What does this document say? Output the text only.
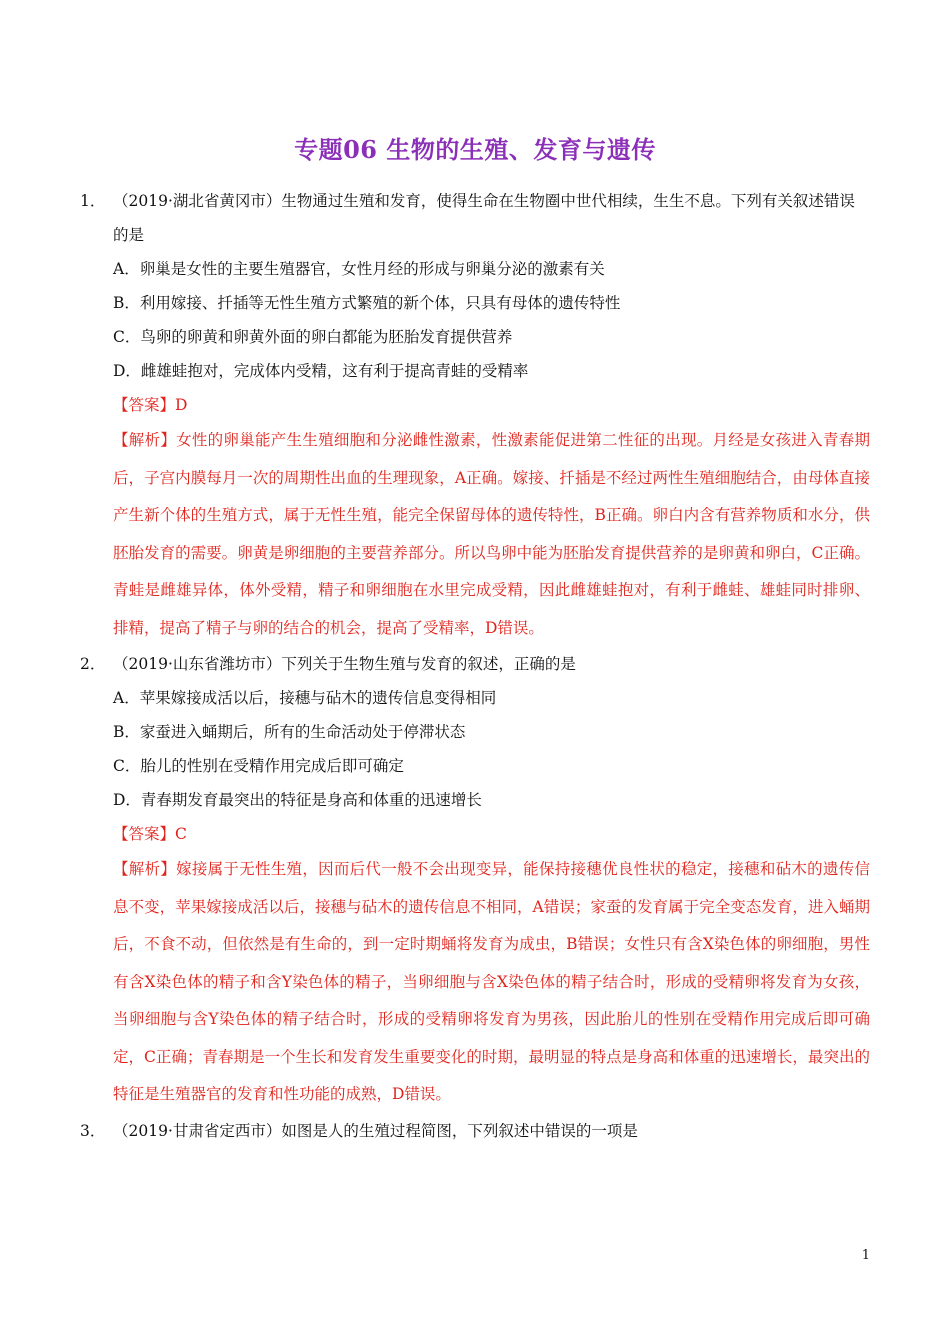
专题06 生物的生殖、发育与遗传
1． （2019·湖北省黄冈市）生物通过生殖和发育，使得生命在生物圈中世代相续，生生不息。下列有关叙述错误的是
A．卵巢是女性的主要生殖器官，女性月经的形成与卵巢分泌的激素有关
B．利用嫁接、扦插等无性生殖方式繁殖的新个体，只具有母体的遗传特性
C．鸟卵的卵黄和卵黄外面的卵白都能为胚胎发育提供营养
D．雌雄蛙抱对，完成体内受精，这有利于提高青蛙的受精率
【答案】D
【解析】女性的卵巢能产生生殖细胞和分泌雌性激素，性激素能促进第二性征的出现。月经是女孩进入青春期后，子宫内膜每月一次的周期性出血的生理现象，A正确。嫁接、扦插是不经过两性生殖细胞结合，由母体直接产生新个体的生殖方式，属于无性生殖，能完全保留母体的遗传特性，B正确。卵白内含有营养物质和水分，供胚胎发育的需要。卵黄是卵细胞的主要营养部分。所以鸟卵中能为胚胎发育提供营养的是卵黄和卵白，C正确。青蛙是雌雄异体，体外受精，精子和卵细胞在水里完成受精，因此雌雄蛙抱对，有利于雌蛙、雄蛙同时排卵、排精，提高了精子与卵的结合的机会，提高了受精率，D错误。
2． （2019·山东省潍坊市）下列关于生物生殖与发育的叙述，正确的是
A．苹果嫁接成活以后，接穗与砧木的遗传信息变得相同
B．家蚕进入蛹期后，所有的生命活动处于停滞状态
C．胎儿的性别在受精作用完成后即可确定
D．青春期发育最突出的特征是身高和体重的迅速增长
【答案】C
【解析】嫁接属于无性生殖，因而后代一般不会出现变异，能保持接穗优良性状的稳定，接穗和砧木的遗传信息不变，苹果嫁接成活以后，接穗与砧木的遗传信息不相同，A错误；家蚕的发育属于完全变态发育，进入蛹期后，不食不动，但依然是有生命的，到一定时期蛹将发育为成虫，B错误；女性只有含X染色体的卵细胞，男性有含X染色体的精子和含Y染色体的精子，当卵细胞与含X染色体的精子结合时，形成的受精卵将发育为女孩，当卵细胞与含Y染色体的精子结合时，形成的受精卵将发育为男孩，因此胎儿的性别在受精作用完成后即可确定，C正确；青春期是一个生长和发育发生重要变化的时期，最明显的特点是身高和体重的迅速增长，最突出的特征是生殖器官的发育和性功能的成熟，D错误。
3． （2019·甘肃省定西市）如图是人的生殖过程简图，下列叙述中错误的一项是
1
